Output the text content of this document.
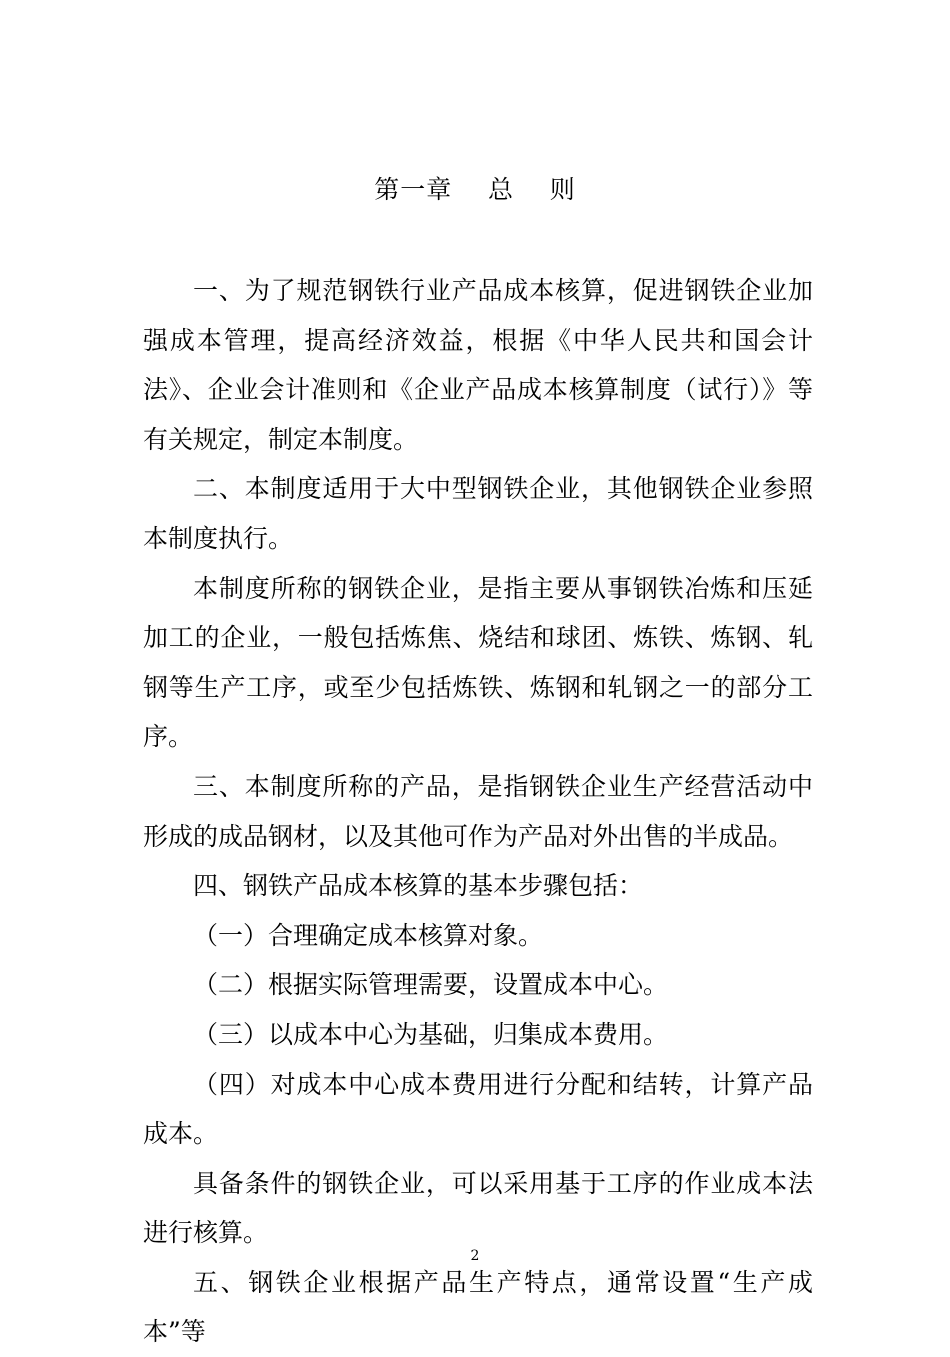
第一章    总    则

一、为了规范钢铁行业产品成本核算，促进钢铁企业加强成本管理，提高经济效益，根据《中华人民共和国会计法》、企业会计准则和《企业产品成本核算制度（试行）》等有关规定，制定本制度。

二、本制度适用于大中型钢铁企业，其他钢铁企业参照本制度执行。

本制度所称的钢铁企业，是指主要从事钢铁冶炼和压延加工的企业，一般包括炼焦、烧结和球团、炼铁、炼钢、轧钢等生产工序，或至少包括炼铁、炼钢和轧钢之一的部分工序。

三、本制度所称的产品，是指钢铁企业生产经营活动中形成的成品钢材，以及其他可作为产品对外出售的半成品。

四、钢铁产品成本核算的基本步骤包括：

（一）合理确定成本核算对象。

（二）根据实际管理需要，设置成本中心。

（三）以成本中心为基础，归集成本费用。

（四）对成本中心成本费用进行分配和结转，计算产品成本。

具备条件的钢铁企业，可以采用基于工序的作业成本法进行核算。

五、钢铁企业根据产品生产特点，通常设置“生产成本”等

2
